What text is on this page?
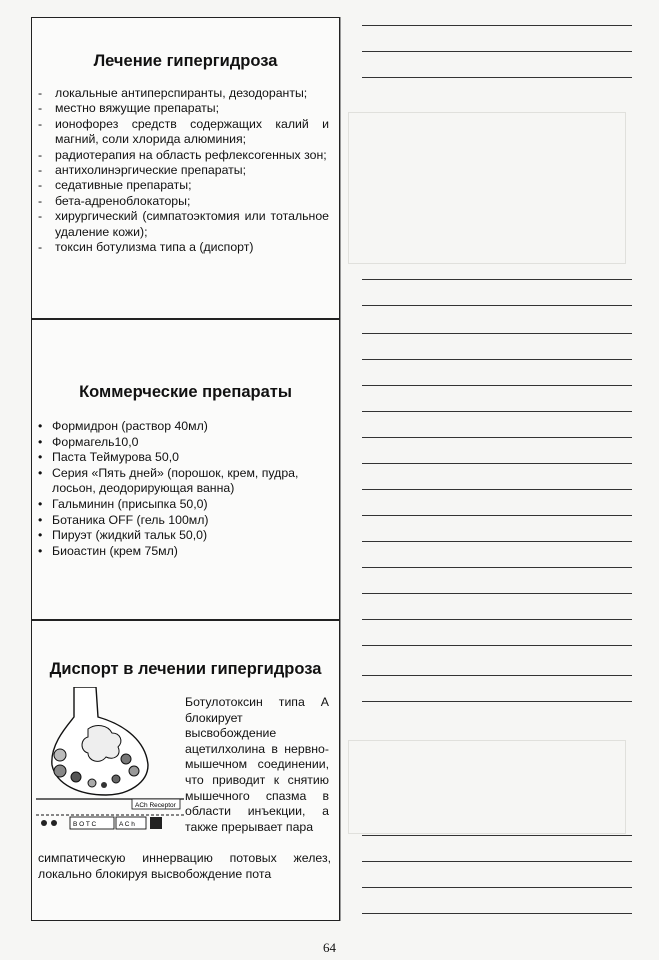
Лечение гипергидроза
- локальные антиперспиранты, дезодоранты;
- местно вяжущие препараты;
- ионофорез средств содержащих калий и магний, соли хлорида алюминия;
- радиотерапия на область рефлексогенных зон;
- антихолинэргические препараты;
- седативные препараты;
- бета-адреноблокаторы;
- хирургический (симпатоэктомия или тотальное удаление кожи);
- токсин ботулизма типа а (диспорт)
Коммерческие препараты
• Формидрон (раствор 40мл)
• Формагель10,0
• Паста Теймурова 50,0
• Серия «Пять дней» (порошок, крем, пудра, лосьон, деодорирующая ванна)
• Гальминин (присыпка 50,0)
• Ботаника OFF (гель 100мл)
• Пируэт (жидкий тальк 50,0)
• Биоастин (крем 75мл)
Диспорт в лечении гипергидроза
ACh Receptor
B O T C	A C h
Ботулотоксин типа А блокирует высвобождение ацетилхолина в нервно-мышечном соединении, что приводит к снятию мышечного спазма в области инъекции, а также прерывает пара
симпатическую иннервацию потовых желез, локально блокируя высвобождение пота
64
